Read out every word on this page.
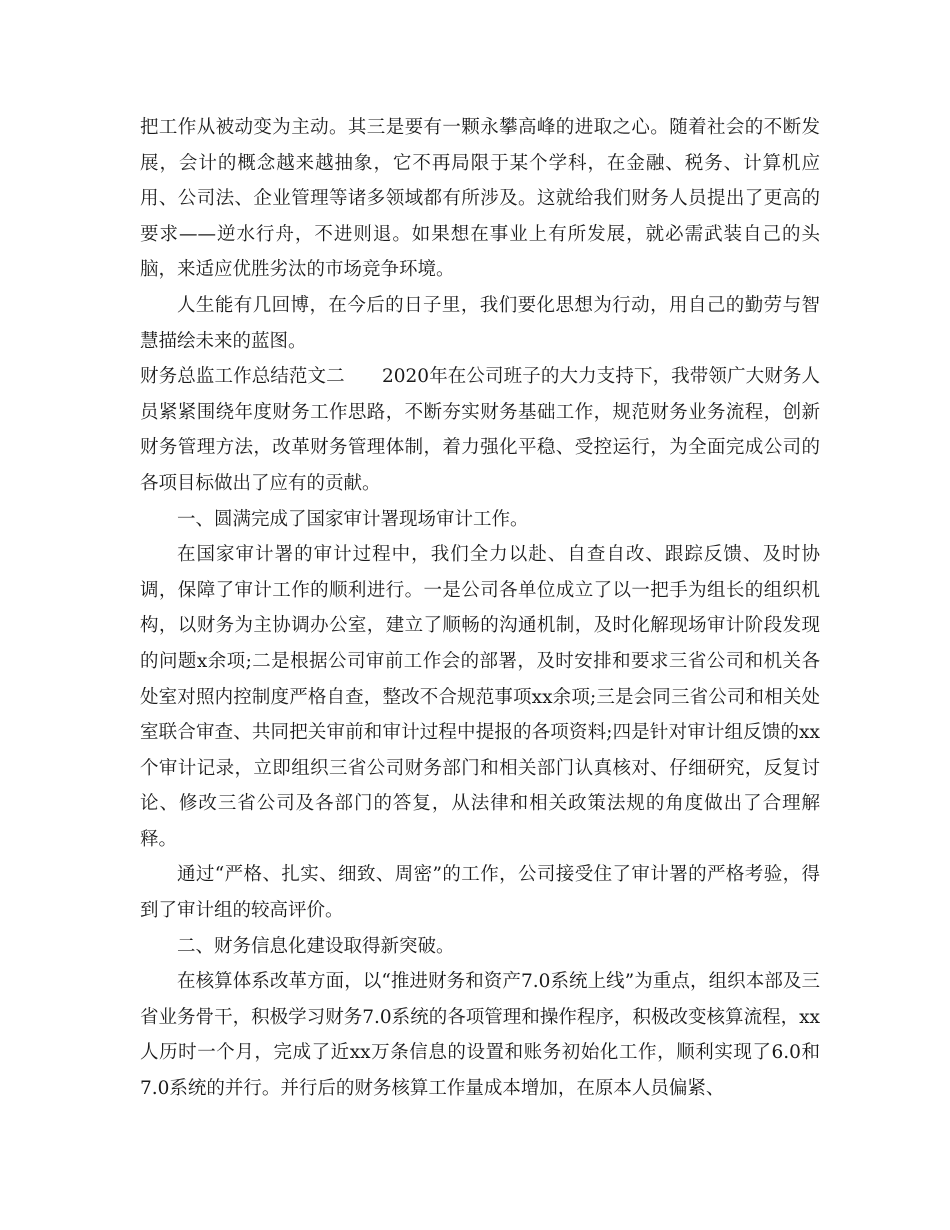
把工作从被动变为主动。其三是要有一颗永攀高峰的进取之心。随着社会的不断发展，会计的概念越来越抽象，它不再局限于某个学科，在金融、税务、计算机应用、公司法、企业管理等诸多领域都有所涉及。这就给我们财务人员提出了更高的要求——逆水行舟，不进则退。如果想在事业上有所发展，就必需武装自己的头脑，来适应优胜劣汰的市场竞争环境。

人生能有几回博，在今后的日子里，我们要化思想为行动，用自己的勤劳与智慧描绘未来的蓝图。

财务总监工作总结范文二　　2020年在公司班子的大力支持下，我带领广大财务人员紧紧围绕年度财务工作思路，不断夯实财务基础工作，规范财务业务流程，创新财务管理方法，改革财务管理体制，着力强化平稳、受控运行，为全面完成公司的各项目标做出了应有的贡献。

一、圆满完成了国家审计署现场审计工作。

在国家审计署的审计过程中，我们全力以赴、自查自改、跟踪反馈、及时协调，保障了审计工作的顺利进行。一是公司各单位成立了以一把手为组长的组织机构，以财务为主协调办公室，建立了顺畅的沟通机制，及时化解现场审计阶段发现的问题x余项;二是根据公司审前工作会的部署，及时安排和要求三省公司和机关各处室对照内控制度严格自查，整改不合规范事项xx余项;三是会同三省公司和相关处室联合审查、共同把关审前和审计过程中提报的各项资料;四是针对审计组反馈的xx个审计记录，立即组织三省公司财务部门和相关部门认真核对、仔细研究，反复讨论、修改三省公司及各部门的答复，从法律和相关政策法规的角度做出了合理解释。

通过“严格、扎实、细致、周密”的工作，公司接受住了审计署的严格考验，得到了审计组的较高评价。

二、财务信息化建设取得新突破。

在核算体系改革方面，以“推进财务和资产7.0系统上线”为重点，组织本部及三省业务骨干，积极学习财务7.0系统的各项管理和操作程序，积极改变核算流程，xx人历时一个月，完成了近xx万条信息的设置和账务初始化工作，顺利实现了6.0和7.0系统的并行。并行后的财务核算工作量成本增加，在原本人员偏紧、
